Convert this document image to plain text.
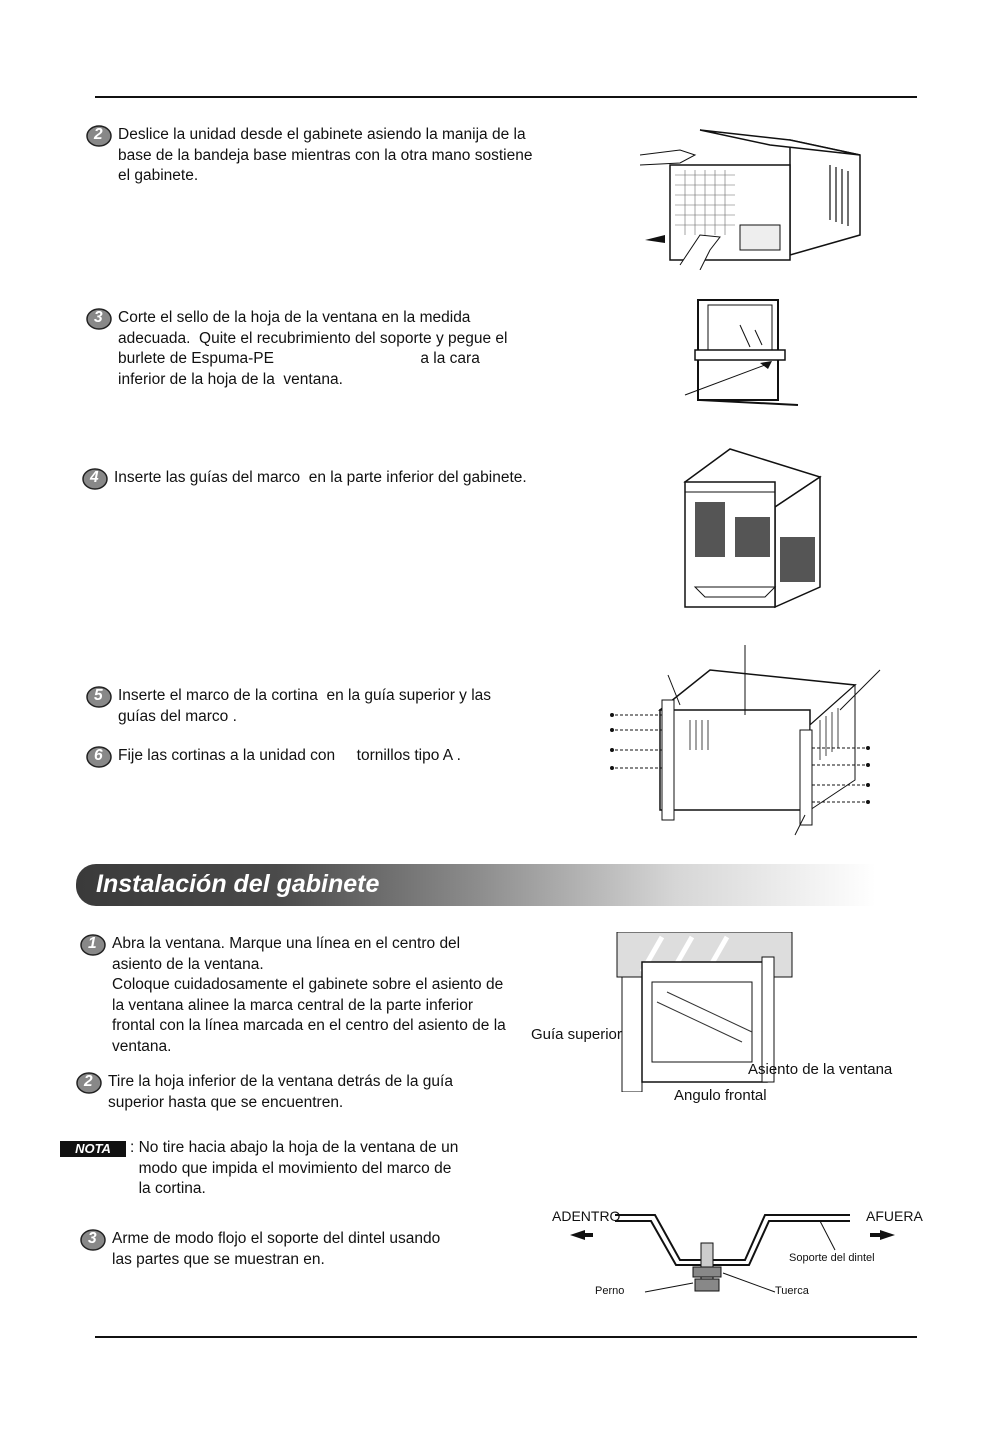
2 Deslice la unidad desde el gabinete asiendo la manija de la
base de la bandeja base mientras con la otra mano sostiene
el gabinete.
3 Corte el sello de la hoja de la ventana en la medida
adecuada.  Quite el recubrimiento del soporte y pegue el
burlete de Espuma-PE                                  a la cara
inferior de la hoja de la  ventana.
4 Inserte las guías del marco  en la parte inferior del gabinete.
5 Inserte el marco de la cortina  en la guía superior y las
guías del marco .
6 Fije las cortinas a la unidad con     tornillos tipo A .
Instalación del gabinete
1 Abra la ventana. Marque una línea en el centro del
asiento de la ventana.
Coloque cuidadosamente el gabinete sobre el asiento de
la ventana alinee la marca central de la parte inferior
frontal con la línea marcada en el centro del asiento de la
ventana.
2 Tire la hoja inferior de la ventana detrás de la guía
superior hasta que se encuentren.
NOTA	: No tire hacia abajo la hoja de la ventana de un
modo que impida el movimiento del marco de
la cortina.
3 Arme de modo flojo el soporte del dintel usando
las partes que se muestran en.
Guía superior
Asiento de la ventana
Angulo frontal
ADENTRO	AFUERA
Soporte del dintel
Perno	Tuerca
